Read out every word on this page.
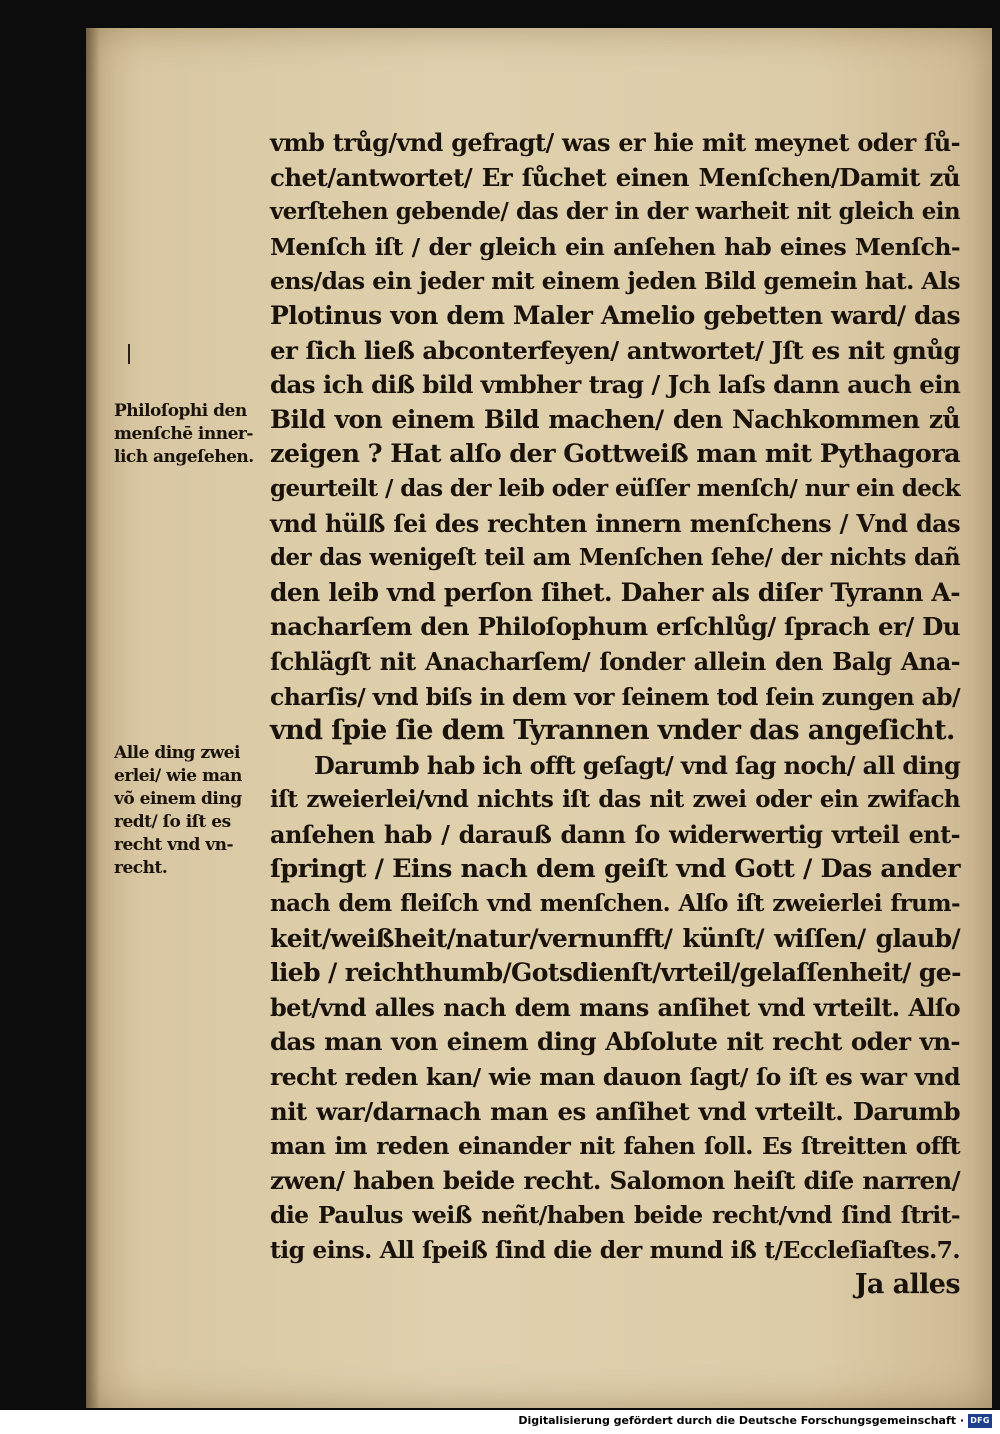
Philoſophi den
menſchē inner-
lich angeſehen.
Alle ding zwei
erlei/ wie man
võ einem ding
redt/ ſo iſt es
recht vnd vn-
recht.
vmb trůg/vnd gefragt/ was er hie mit meynet oder ſů-
chet/antwortet/ Er ſůchet einen Menſchen/Damit zů
verſtehen gebende/ das der in der warheit nit gleich ein
Menſch iſt / der gleich ein anſehen hab eines Menſch-
ens/das ein jeder mit einem jeden Bild gemein hat. Als
Plotinus von dem Maler Amelio gebetten ward/ das
er ſich ließ abconterfeyen/ antwortet/ Jſt es nit gnůg
das ich diß bild vmbher trag / Jch laſs dann auch ein
Bild von einem Bild machen/ den Nachkommen zů
zeigen ? Hat alſo der Gottweiß man mit Pythagora
geurteilt / das der leib oder eüſſer menſch/ nur ein deck
vnd hülß ſei des rechten innern menſchens / Vnd das
der das wenigeſt teil am Menſchen ſehe/ der nichts dañ
den leib vnd perſon ſihet. Daher als diſer Tyrann A-
nacharſem den Philoſophum erſchlůg/ ſprach er/ Du
ſchlägſt nit Anacharſem/ ſonder allein den Balg Ana-
charſis/ vnd biſs in dem vor ſeinem tod ſein zungen ab/
vnd ſpie ſie dem Tyrannen vnder das angeſicht.
Darumb hab ich offt geſagt/ vnd ſag noch/ all ding
iſt zweierlei/vnd nichts iſt das nit zwei oder ein zwifach
anſehen hab / darauß dann ſo widerwertig vrteil ent-
ſpringt / Eins nach dem geiſt vnd Gott / Das ander
nach dem fleiſch vnd menſchen. Alſo iſt zweierlei frum-
keit/weißheit/natur/vernunfft/ künſt/ wiſſen/ glaub/
lieb / reichthumb/Gotsdienſt/vrteil/gelaſſenheit/ ge-
bet/vnd alles nach dem mans anſihet vnd vrteilt. Alſo
das man von einem ding Abſolute nit recht oder vn-
recht reden kan/ wie man dauon ſagt/ ſo iſt es war vnd
nit war/darnach man es anſihet vnd vrteilt. Darumb
man im reden einander nit fahen ſoll. Es ſtreitten offt
zwen/ haben beide recht. Salomon heiſt diſe narren/
die Paulus weiß neñt/haben beide recht/vnd ſind ſtrit-
tig eins. All ſpeiß ſind die der mund iß t/Eccleſiaſtes.7.
Ja alles
Digitalisierung gefördert durch die Deutsche Forschungsgemeinschaft · DFG
